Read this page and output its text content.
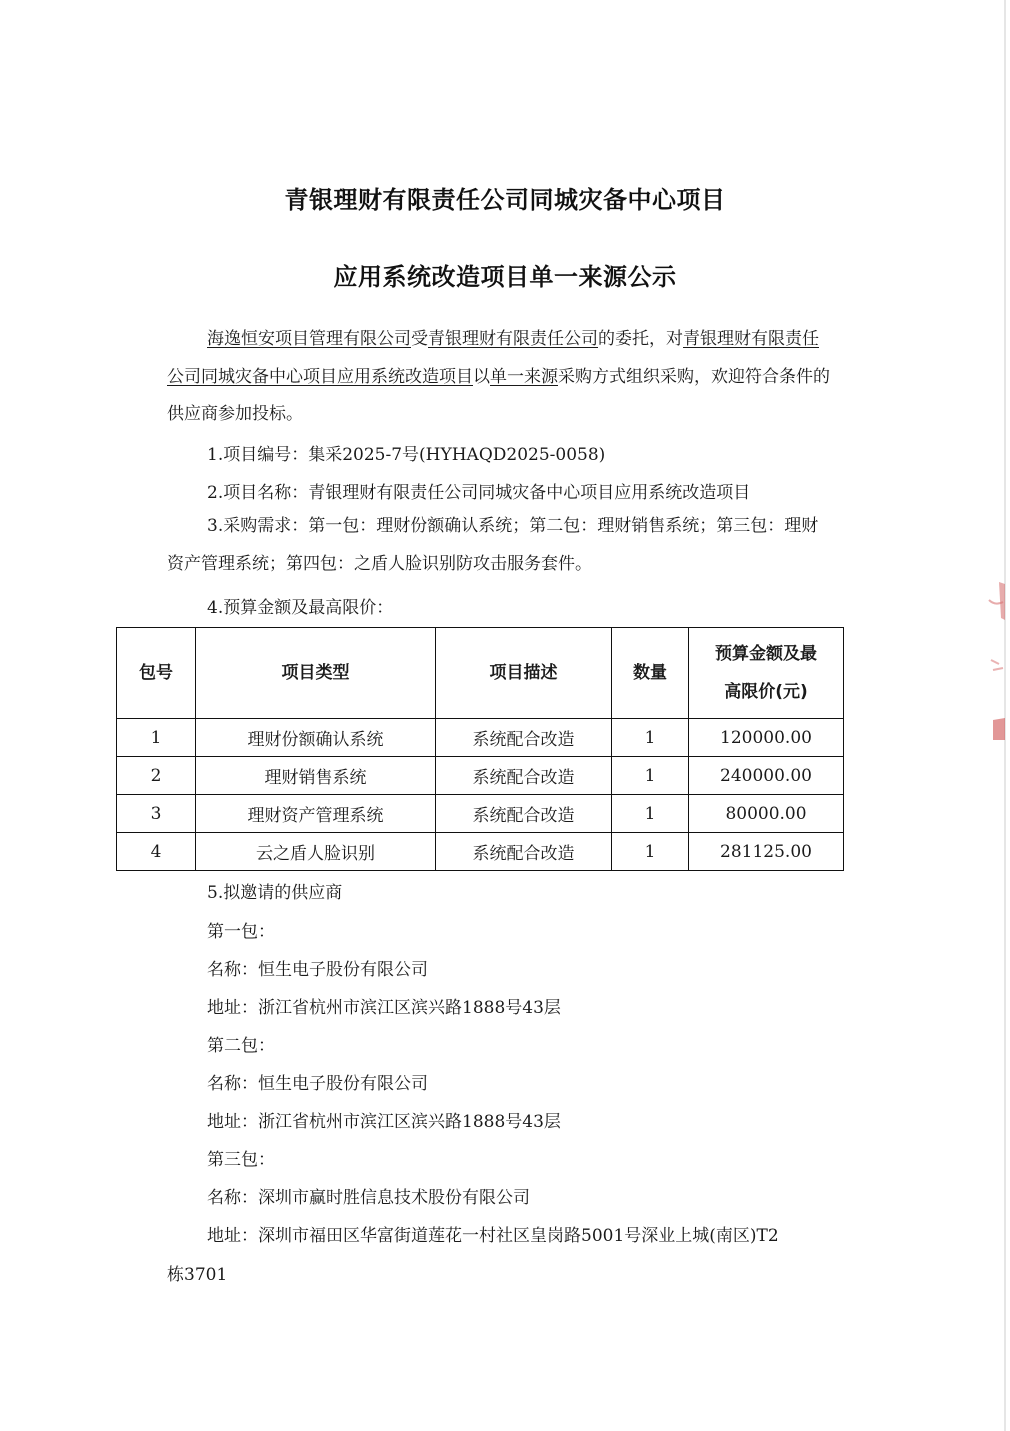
青银理财有限责任公司同城灾备中心项目
应用系统改造项目单一来源公示

海逸恒安项目管理有限公司受青银理财有限责任公司的委托，对青银理财有限责任公司同城灾备中心项目应用系统改造项目以单一来源采购方式组织采购，欢迎符合条件的供应商参加投标。

1.项目编号：集采2025-7号(HYHAQD2025-0058)
2.项目名称：青银理财有限责任公司同城灾备中心项目应用系统改造项目

3.采购需求：第一包：理财份额确认系统；第二包：理财销售系统；第三包：理财资产管理系统；第四包：之盾人脸识别防攻击服务套件。

4.预算金额及最高限价：
包号	项目类型	项目描述	数量	预算金额及最
高限价(元)
1	理财份额确认系统	系统配合改造	1	120000.00
2	理财销售系统	系统配合改造	1	240000.00
3	理财资产管理系统	系统配合改造	1	80000.00
4	云之盾人脸识别	系统配合改造	1	281125.00
5.拟邀请的供应商
第一包：
名称：恒生电子股份有限公司
地址：浙江省杭州市滨江区滨兴路1888号43层
第二包：
名称：恒生电子股份有限公司
地址：浙江省杭州市滨江区滨兴路1888号43层
第三包：
名称：深圳市赢时胜信息技术股份有限公司
地址：深圳市福田区华富街道莲花一村社区皇岗路5001号深业上城(南区)T2
栋3701
